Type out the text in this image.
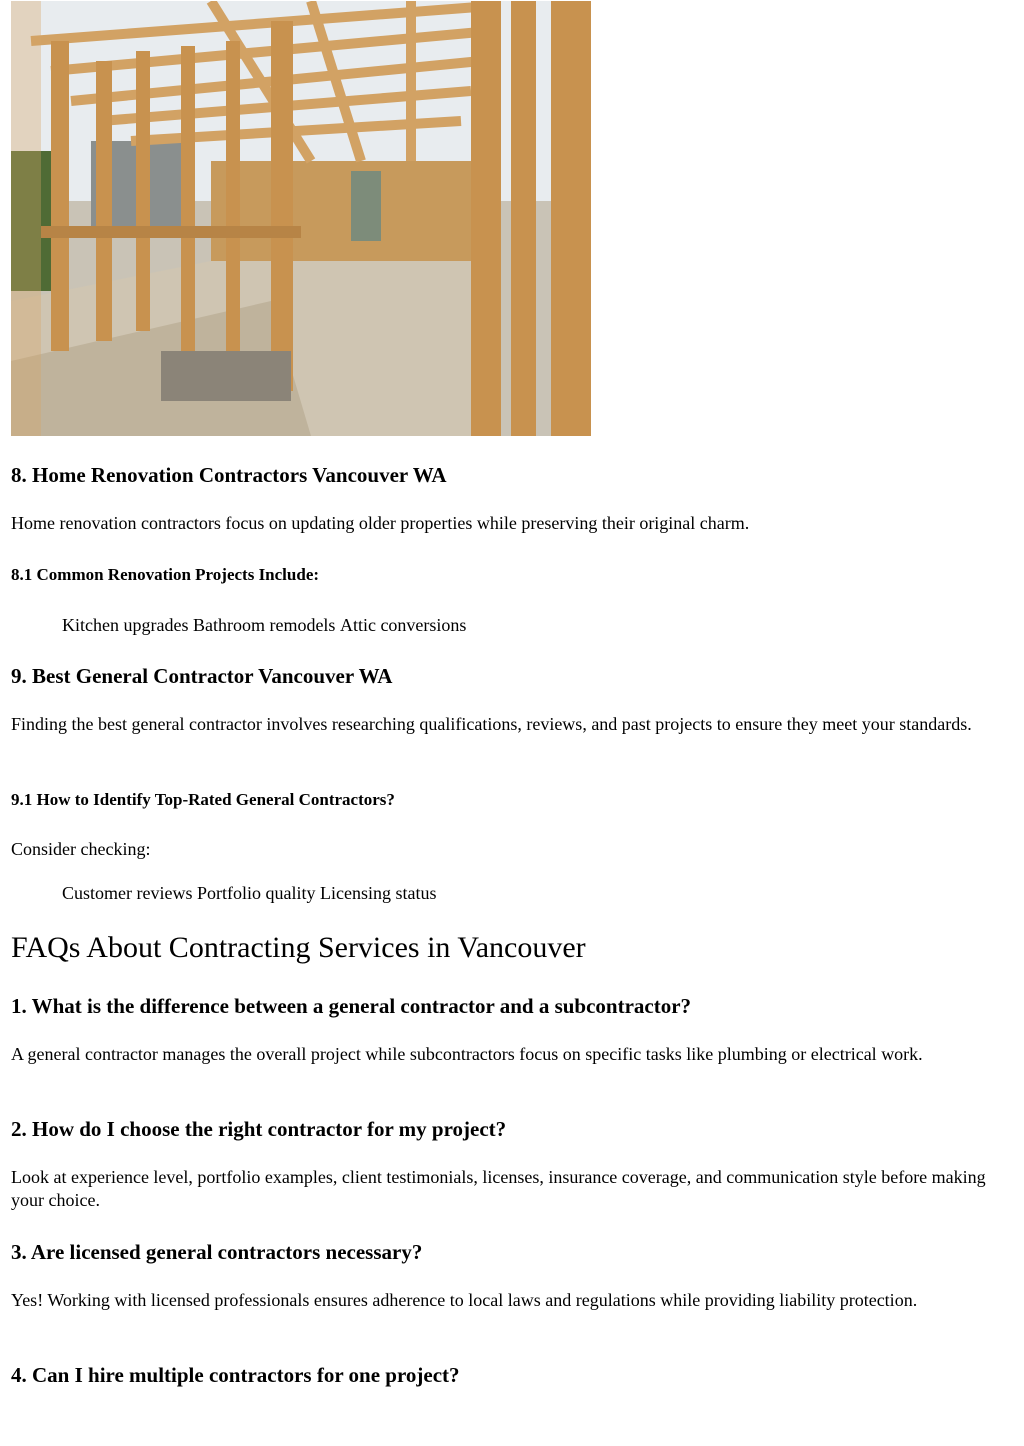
8. Home Renovation Contractors Vancouver WA

Home renovation contractors focus on updating older properties while preserving their original charm.

8.1 Common Renovation Projects Include:
Kitchen upgrades Bathroom remodels Attic conversions
9. Best General Contractor Vancouver WA

Finding the best general contractor involves researching qualifications, reviews, and past projects to ensure they meet your standards.

9.1 How to Identify Top-Rated General Contractors?

Consider checking:

Customer reviews Portfolio quality Licensing status
FAQs About Contracting Services in Vancouver
1. What is the difference between a general contractor and a subcontractor?

A general contractor manages the overall project while subcontractors focus on specific tasks like plumbing or electrical work.

2. How do I choose the right contractor for my project?

Look at experience level, portfolio examples, client testimonials, licenses, insurance coverage, and communication style before making your choice.

3. Are licensed general contractors necessary?

Yes! Working with licensed professionals ensures adherence to local laws and regulations while providing liability protection.

4. Can I hire multiple contractors for one project?
